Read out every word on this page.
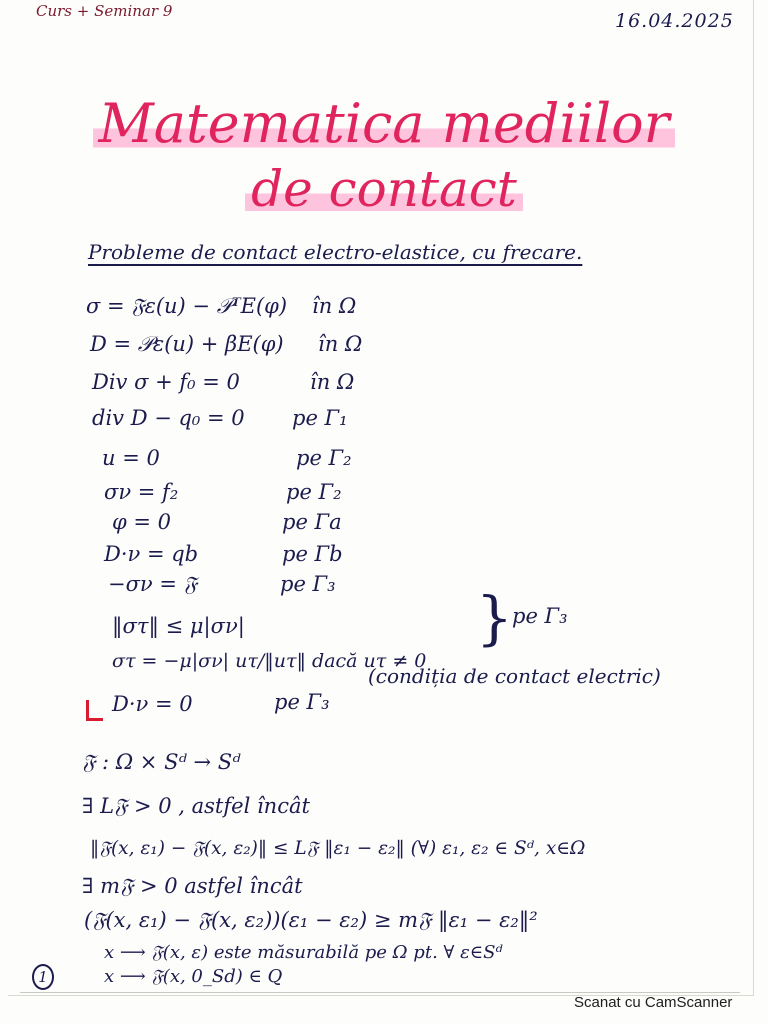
Curs + Seminar 9	16.04.2025
Matematica mediilor
de contact
Probleme de contact electro-elastice, cu frecare.
σ = 𝔉ε(u) − 𝒫ᵀE(φ) în Ω
D = 𝒫ε(u) + βE(φ) în Ω
Div σ + f₀ = 0	în Ω
div D − q₀ = 0 pe Γ₁
u = 0	pe Γ₂
σν = f₂	pe Γ₂
φ = 0	pe Γa
D·ν = qb	pe Γb
−σν = 𝔉	pe Γ₃
‖στ‖ ≤ μ|σν|
στ = −μ|σν| uτ/‖uτ‖ dacă uτ ≠ 0
} pe Γ₃
D·ν = 0	pe Γ₃
(condiția de contact electric)
𝔉 : Ω × Sᵈ → Sᵈ
∃ L𝔉 > 0 , astfel încât
‖𝔉(x, ε₁) − 𝔉(x, ε₂)‖ ≤ L𝔉 ‖ε₁ − ε₂‖ (∀) ε₁, ε₂ ∈ Sᵈ, x∈Ω
∃ m𝔉 > 0 astfel încât
(𝔉(x, ε₁) − 𝔉(x, ε₂))(ε₁ − ε₂) ≥ m𝔉 ‖ε₁ − ε₂‖²
x ⟶ 𝔉(x, ε) este măsurabilă pe Ω pt. ∀ ε∈Sᵈ
x ⟶ 𝔉(x, 0_Sd) ∈ Q
1
Scanat cu CamScanner
